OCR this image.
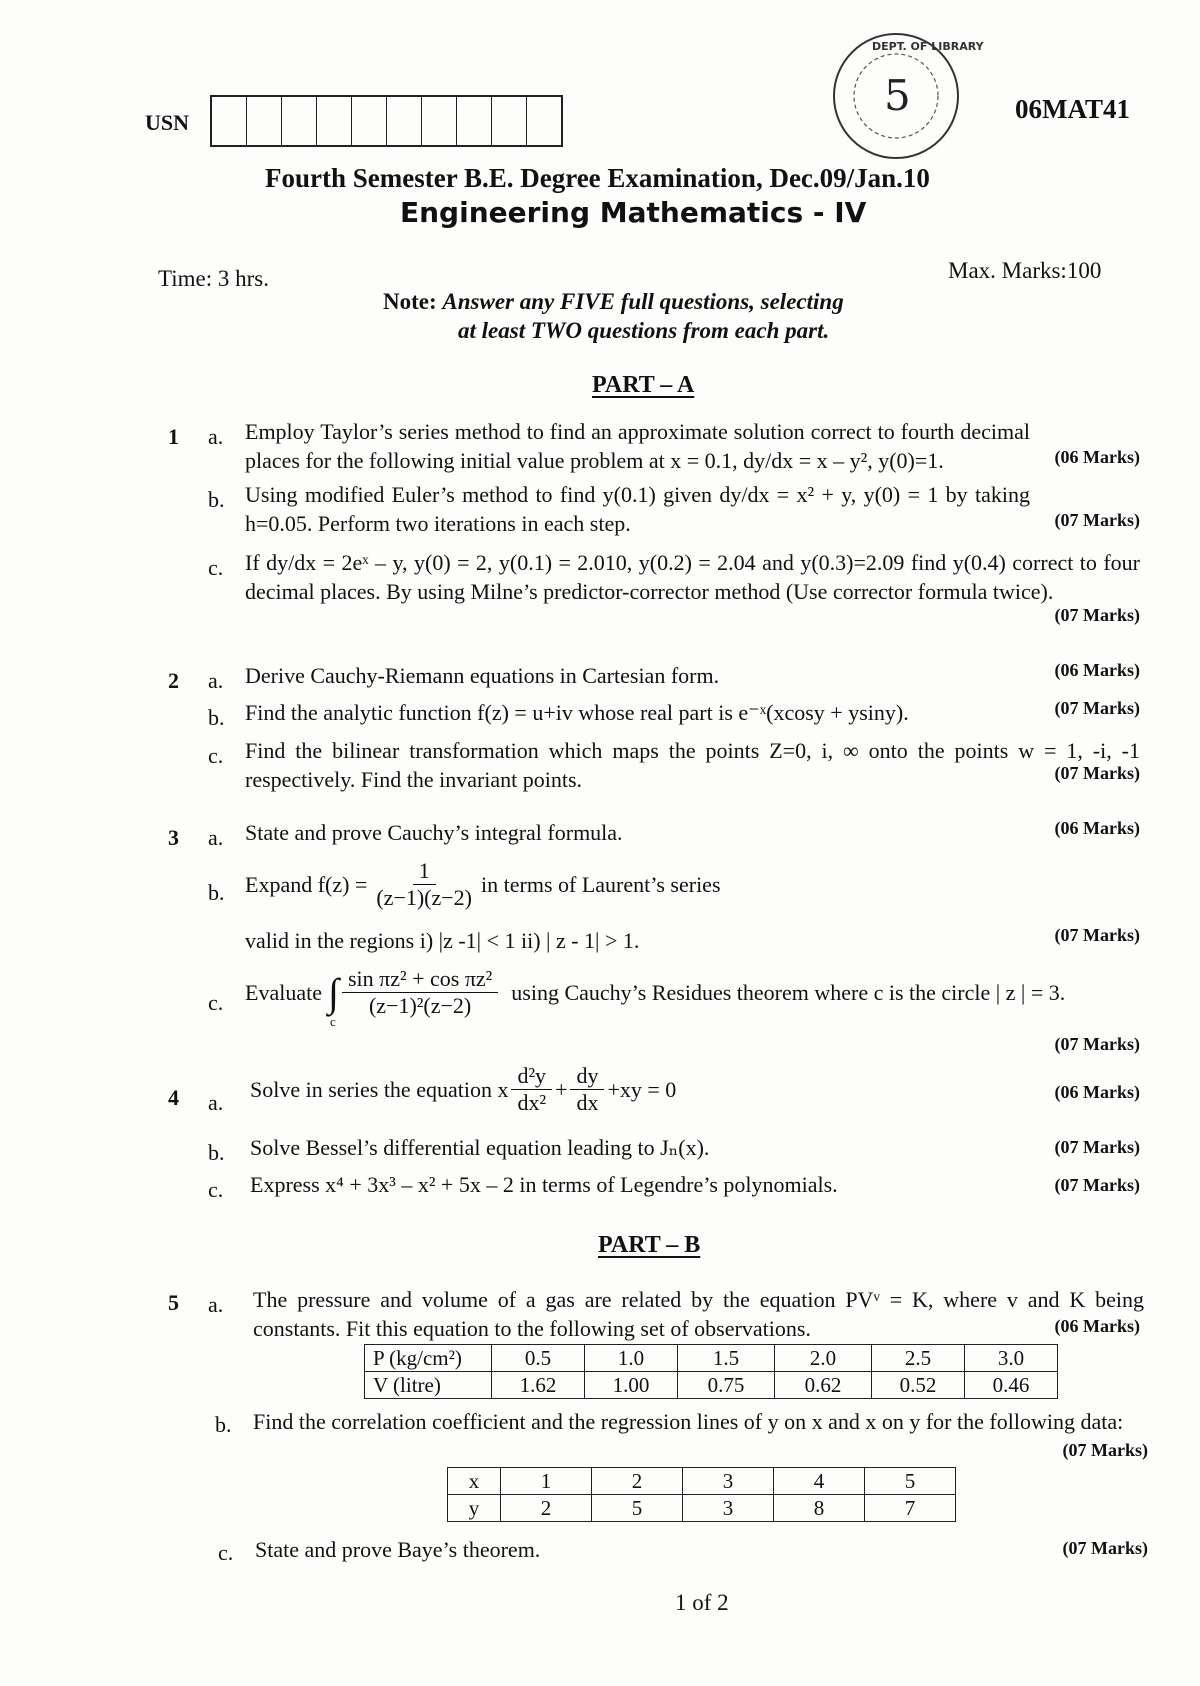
USN
5
DEPT. OF LIBRARY
06MAT41
Fourth Semester B.E. Degree Examination, Dec.09/Jan.10
Engineering Mathematics - IV
Time: 3 hrs.	Max. Marks:100
Note: Answer any FIVE full questions, selecting
at least TWO questions from each part.
PART – A
1 a. Employ Taylor’s series method to find an approximate solution correct to fourth decimal places for the following initial value problem at x = 0.1, dy/dx = x – y², y(0)=1.	(06 Marks)
b. Using modified Euler’s method to find y(0.1) given dy/dx = x² + y, y(0) = 1 by taking h=0.05. Perform two iterations in each step.	(07 Marks)
c. If dy/dx = 2eˣ – y, y(0) = 2, y(0.1) = 2.010, y(0.2) = 2.04 and y(0.3)=2.09 find y(0.4) correct to four decimal places. By using Milne’s predictor-corrector method (Use corrector formula twice).
(07 Marks)
2 a. Derive Cauchy-Riemann equations in Cartesian form.	(06 Marks)
b. Find the analytic function f(z) = u+iv whose real part is e⁻ˣ(xcosy + ysiny).	(07 Marks)
c. Find the bilinear transformation which maps the points Z=0, i, ∞ onto the points w = 1, -i, -1 respectively. Find the invariant points.	(07 Marks)
3 a. State and prove Cauchy’s integral formula.	(06 Marks)
b. Expand $f(z) = \frac{1}{(z-1)(z-2)}$ in terms of Laurent’s series
valid in the regions i) |z -1| < 1 ii) | z - 1| > 1.	(07 Marks)
c. Evaluate ∫
c
$\frac{\text{sin πz² + cos πz²}}{\text{(z−1)²(z−2)}}$ using Cauchy’s Residues theorem where c is the circle | z | = 3.
(07 Marks)
4 a.
Solve in series the equation x $\frac{\text{d²y}}{\text{dx²}} + \frac{dy}{dx} +xy = 0$	(06 Marks)
b. Solve Bessel’s differential equation leading to Jₙ(x).	(07 Marks)
c. Express x⁴ + 3x³ – x² + 5x – 2 in terms of Legendre’s polynomials.	(07 Marks)
PART – B
5 a. The pressure and volume of a gas are related by the equation PVᵛ = K, where v and K being constants. Fit this equation to the following set of observations.	(06 Marks)
P (kg/cm²)	0.5	1.0	1.5	2.0	2.5	3.0
V (litre)	1.62	1.00	0.75	0.62	0.52	0.46
b. Find the correlation coefficient and the regression lines of y on x and x on y for the following data:
(07 Marks)
x	1	2	3	4	5
y	2	5	3	8	7
c. State and prove Baye’s theorem.	(07 Marks)
1 of 2
